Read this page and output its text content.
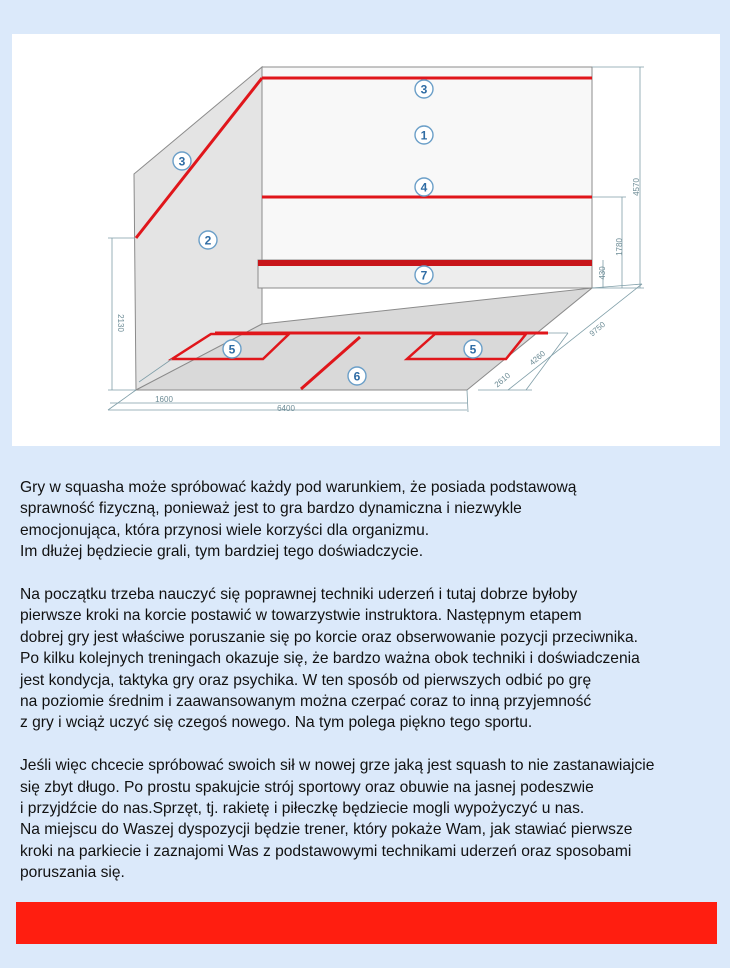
4570
1780
430
2130
1600
6400
2610
4260
9750
3
1
4
7
3
2
5	5
6

Gry w squasha może spróbować każdy pod warunkiem, że posiada podstawową
sprawność fizyczną, ponieważ jest to gra bardzo dynamiczna i niezwykle
emocjonująca, która przynosi wiele korzyści dla organizmu.
Im dłużej będziecie grali, tym bardziej tego doświadczycie.

Na początku trzeba nauczyć się poprawnej techniki uderzeń i tutaj dobrze byłoby
pierwsze kroki na korcie postawić w towarzystwie instruktora. Następnym etapem
dobrej gry jest właściwe poruszanie się po korcie oraz obserwowanie pozycji przeciwnika.
Po kilku kolejnych treningach okazuje się, że bardzo ważna obok techniki i doświadczenia
jest kondycja, taktyka gry oraz psychika. W ten sposób od pierwszych odbić po grę
na poziomie średnim i zaawansowanym można czerpać coraz to inną przyjemność
z gry i wciąż uczyć się czegoś nowego. Na tym polega piękno tego sportu.

Jeśli więc chcecie spróbować swoich sił w nowej grze jaką jest squash to nie zastanawiajcie
się zbyt długo. Po prostu spakujcie strój sportowy oraz obuwie na jasnej podeszwie
i przyjdźcie do nas.Sprzęt, tj. rakietę i piłeczkę będziecie mogli wypożyczyć u nas.
Na miejscu do Waszej dyspozycji będzie trener, który pokaże Wam, jak stawiać pierwsze
kroki na parkiecie i zaznajomi Was z podstawowymi technikami uderzeń oraz sposobami
poruszania się.
